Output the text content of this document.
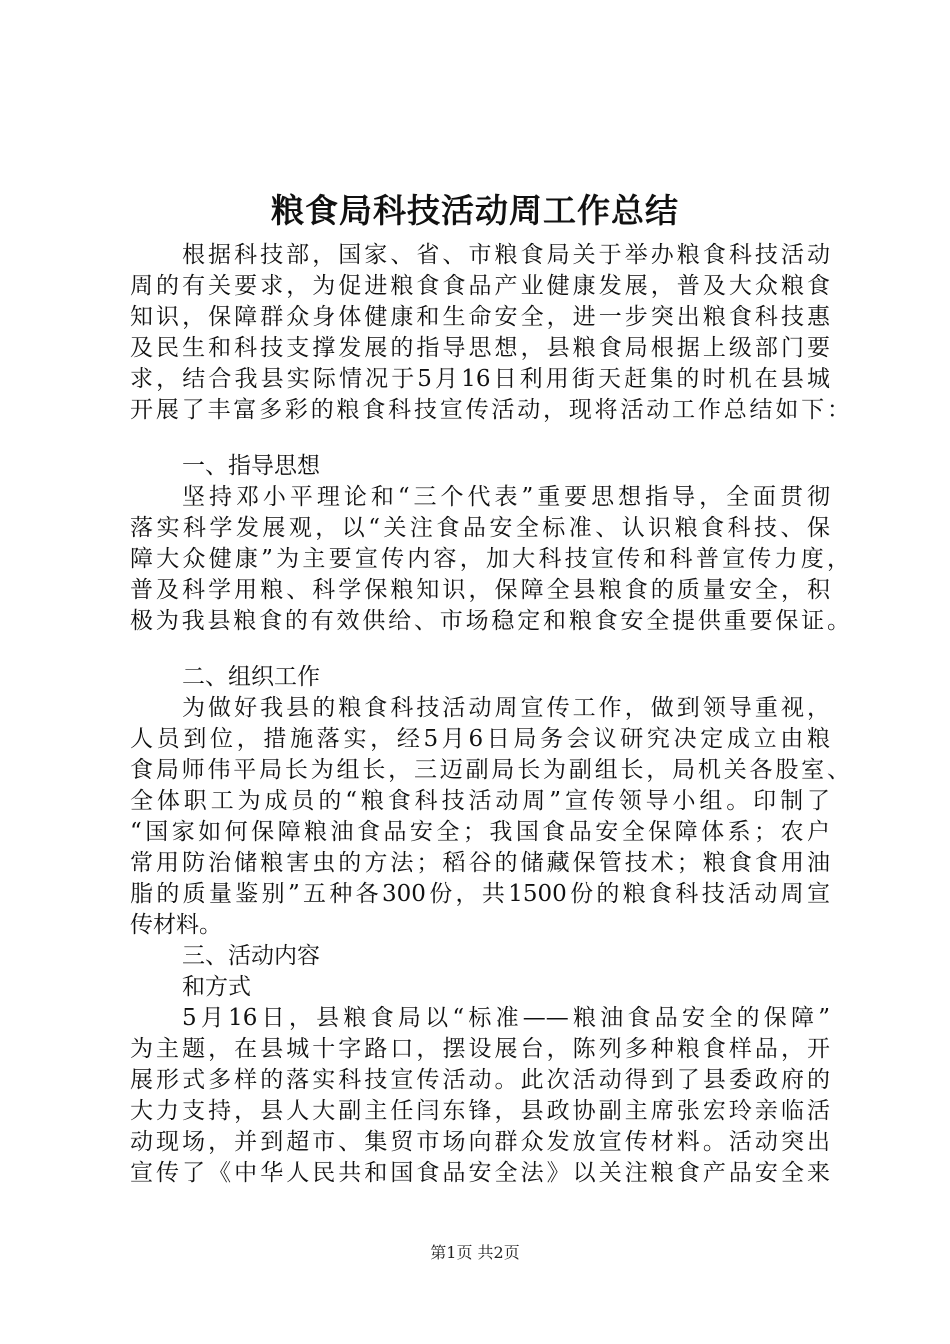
粮食局科技活动周工作总结
根据科技部，国家、省、市粮食局关于举办粮食科技活动
周的有关要求，为促进粮食食品产业健康发展，普及大众粮食
知识，保障群众身体健康和生命安全，进一步突出粮食科技惠
及民生和科技支撑发展的指导思想，县粮食局根据上级部门要
求，结合我县实际情况于5月16日利用街天赶集的时机在县城
开展了丰富多彩的粮食科技宣传活动，现将活动工作总结如下：
一、指导思想
坚持邓小平理论和“三个代表”重要思想指导，全面贯彻
落实科学发展观，以“关注食品安全标准、认识粮食科技、保
障大众健康”为主要宣传内容，加大科技宣传和科普宣传力度，
普及科学用粮、科学保粮知识，保障全县粮食的质量安全，积
极为我县粮食的有效供给、市场稳定和粮食安全提供重要保证。
二、组织工作
为做好我县的粮食科技活动周宣传工作，做到领导重视，
人员到位，措施落实，经5月6日局务会议研究决定成立由粮
食局师伟平局长为组长，三迈副局长为副组长，局机关各股室、
全体职工为成员的“粮食科技活动周”宣传领导小组。印制了
“国家如何保障粮油食品安全；我国食品安全保障体系；农户
常用防治储粮害虫的方法；稻谷的储藏保管技术；粮食食用油
脂的质量鉴别”五种各300份，共1500份的粮食科技活动周宣
传材料。
三、活动内容
和方式
5月16日，县粮食局以“标准——粮油食品安全的保障”
为主题，在县城十字路口，摆设展台，陈列多种粮食样品，开
展形式多样的落实科技宣传活动。此次活动得到了县委政府的
大力支持，县人大副主任闫东锋，县政协副主席张宏玲亲临活
动现场，并到超市、集贸市场向群众发放宣传材料。活动突出
宣传了《中华人民共和国食品安全法》以关注粮食产品安全来
第1页 共2页
